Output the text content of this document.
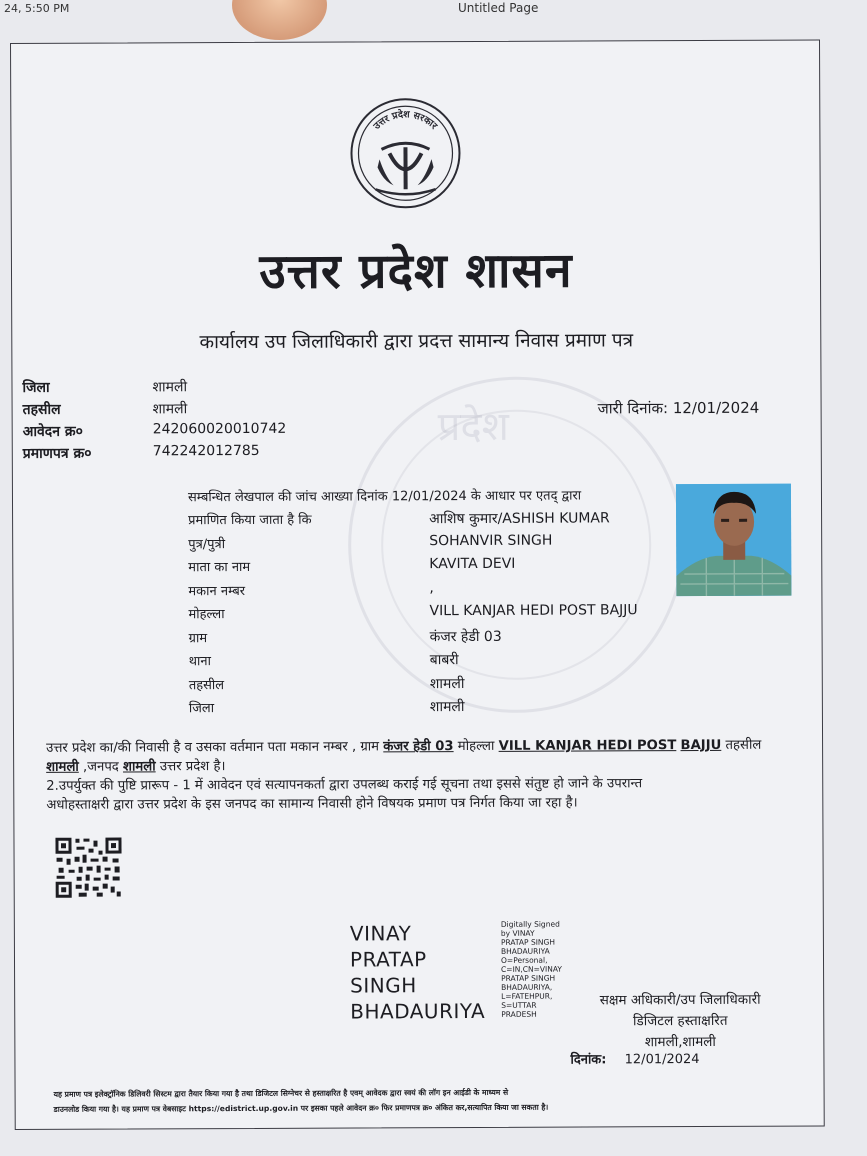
24, 5:50 PM	Untitled Page
प्रदेश
उत्तर प्रदेश सरकार
उत्तर प्रदेश शासन
कार्यालय उप जिलाधिकारी द्वारा प्रदत्त सामान्य निवास प्रमाण पत्र
जिला	शामली
तहसील	शामली
आवेदन क्र०	242060020010742
प्रमाणपत्र क्र०	742242012785
जारी दिनांक: 12/01/2024
सम्बन्धित लेखपाल की जांच आख्या दिनांक 12/01/2024 के आधार पर एतद् द्वारा
प्रमाणित किया जाता है कि	आशिष कुमार/ASHISH KUMAR
पुत्र/पुत्री	SOHANVIR SINGH
माता का नाम	KAVITA DEVI
मकान नम्बर	,
मोहल्ला	VILL KANJAR HEDI POST BAJJU
ग्राम	कंजर हेडी 03
थाना	बाबरी
तहसील	शामली
जिला	शामली
उत्तर प्रदेश का/की निवासी है व उसका वर्तमान पता मकान नम्बर , ग्राम कंजर हेडी 03 मोहल्ला VILL KANJAR HEDI POST BAJJU तहसील शामली ,जनपद शामली उत्तर प्रदेश है।
2.उपर्युक्त की पुष्टि प्रारूप - 1 में आवेदन एवं सत्यापनकर्ता द्वारा उपलब्ध कराई गई सूचना तथा इससे संतुष्ट हो जाने के उपरान्त
अधोहस्ताक्षरी द्वारा उत्तर प्रदेश के इस जनपद का सामान्य निवासी होने विषयक प्रमाण पत्र निर्गत किया जा रहा है।
VINAY
PRATAP
SINGH
BHADAURIYA
Digitally Signed
by VINAY
PRATAP SINGH
BHADAURIYA
O=Personal,
C=IN,CN=VINAY
PRATAP SINGH
BHADAURIYA,
L=FATEHPUR,
S=UTTAR
PRADESH
सक्षम अधिकारी/उप जिलाधिकारी
डिजिटल हस्ताक्षरित
शामली,शामली
दिनांक: 12/01/2024
यह प्रमाण पत्र इलेक्ट्रॉनिक डिलिवरी सिस्टम द्वारा तैयार किया गया है तथा डिजिटल सिग्नेचर से हस्ताक्षरित है एवम् आवेदक द्वारा स्वयं की लॉग इन आईडी के माध्यम से
डाउनलोड किया गया है। यह प्रमाण पत्र वेबसाइट https://edistrict.up.gov.in पर इसका पहले आवेदन क्र० फिर प्रमाणपत्र क्र० अंकित कर,सत्यापित किया जा सकता है।
